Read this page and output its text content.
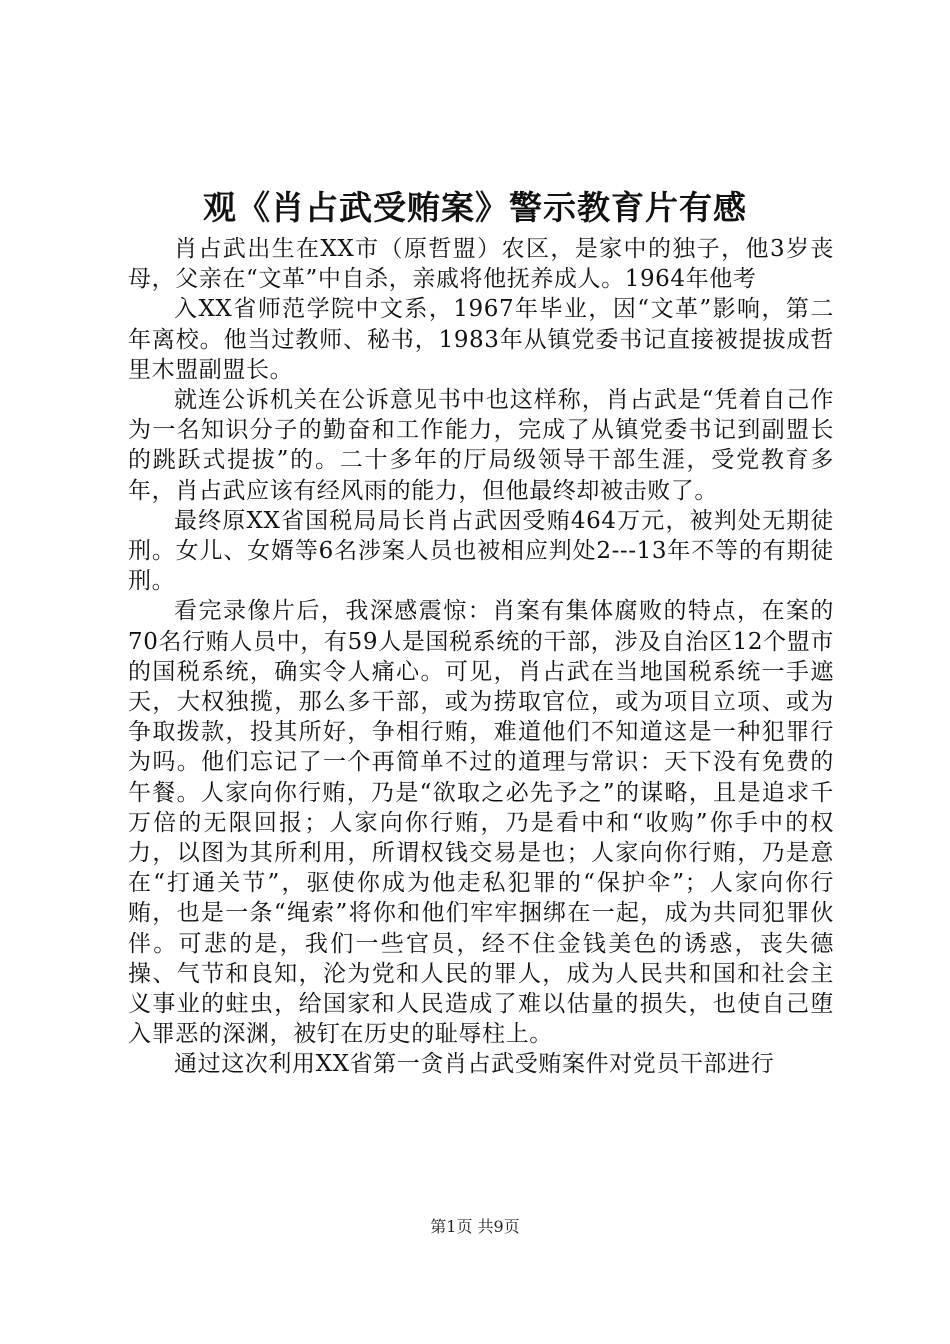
观《肖占武受贿案》警示教育片有感

肖占武出生在XX市（原哲盟）农区，是家中的独子，他3岁丧母，父亲在“文革”中自杀，亲戚将他抚养成人。1964年他考

入XX省师范学院中文系，1967年毕业，因“文革”影响，第二年离校。他当过教师、秘书，1983年从镇党委书记直接被提拔成哲里木盟副盟长。

就连公诉机关在公诉意见书中也这样称，肖占武是“凭着自己作为一名知识分子的勤奋和工作能力，完成了从镇党委书记到副盟长的跳跃式提拔”的。二十多年的厅局级领导干部生涯，受党教育多年，肖占武应该有经风雨的能力，但他最终却被击败了。

最终原XX省国税局局长肖占武因受贿464万元，被判处无期徒刑。女儿、女婿等6名涉案人员也被相应判处2---13年不等的有期徒刑。

看完录像片后，我深感震惊：肖案有集体腐败的特点，在案的70名行贿人员中，有59人是国税系统的干部，涉及自治区12个盟市的国税系统，确实令人痛心。可见，肖占武在当地国税系统一手遮天，大权独揽，那么多干部，或为捞取官位，或为项目立项、或为争取拨款，投其所好，争相行贿，难道他们不知道这是一种犯罪行为吗。他们忘记了一个再简单不过的道理与常识：天下没有免费的午餐。人家向你行贿，乃是“欲取之必先予之”的谋略，且是追求千万倍的无限回报；人家向你行贿，乃是看中和“收购”你手中的权力，以图为其所利用，所谓权钱交易是也；人家向你行贿，乃是意在“打通关节”，驱使你成为他走私犯罪的“保护伞”；人家向你行贿，也是一条“绳索”将你和他们牢牢捆绑在一起，成为共同犯罪伙伴。可悲的是，我们一些官员，经不住金钱美色的诱惑，丧失德操、气节和良知，沦为党和人民的罪人，成为人民共和国和社会主义事业的蛀虫，给国家和人民造成了难以估量的损失，也使自己堕入罪恶的深渊，被钉在历史的耻辱柱上。

通过这次利用XX省第一贪肖占武受贿案件对党员干部进行

第1页 共9页
